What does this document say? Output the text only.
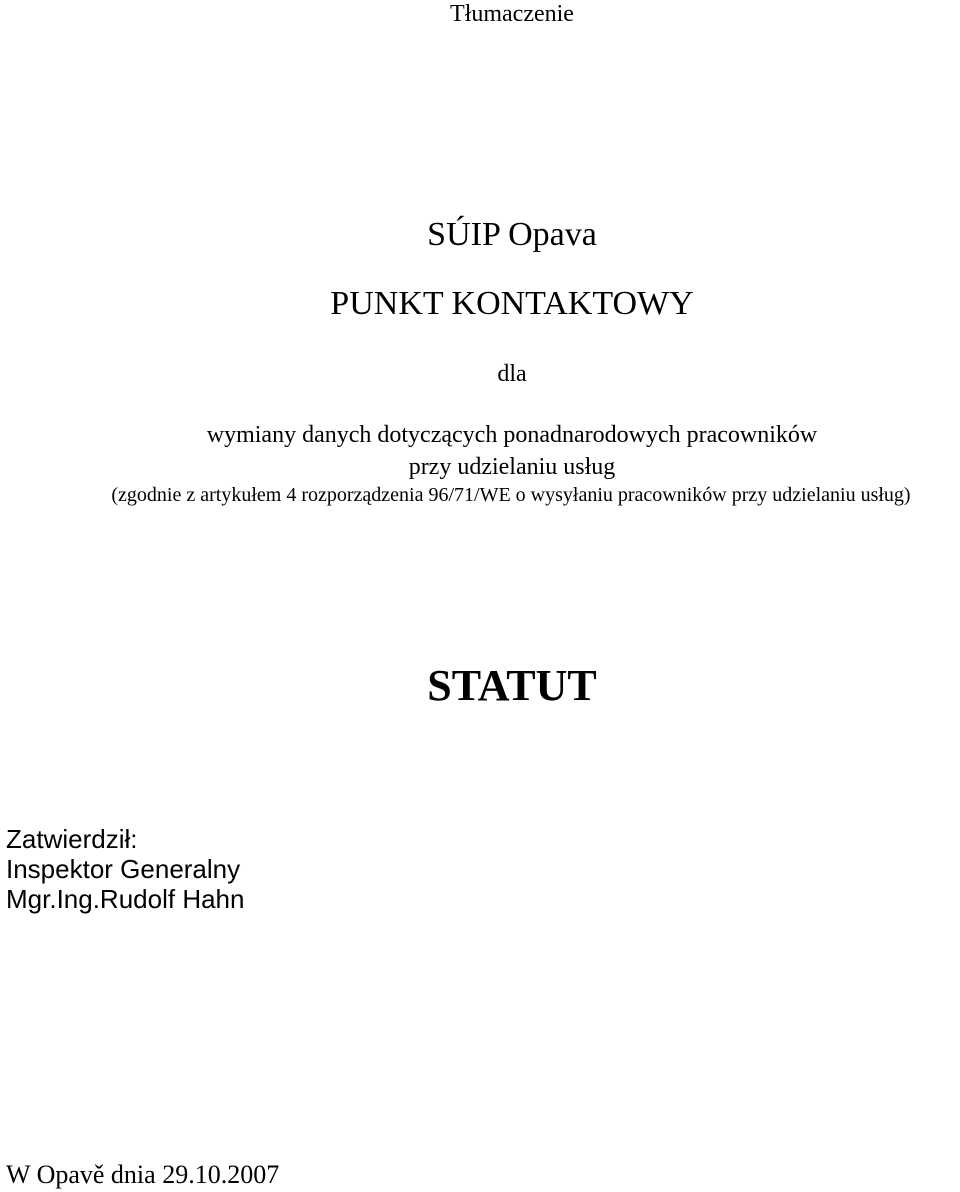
Tłumaczenie

SÚIP Opava

PUNKT KONTAKTOWY

dla

wymiany danych dotyczących ponadnarodowych pracowników

przy udzielaniu usług

(zgodnie z artykułem 4 rozporządzenia 96/71/WE o wysyłaniu pracowników przy udzielaniu usług)

STATUT

Zatwierdził:

Inspektor Generalny

Mgr.Ing.Rudolf Hahn

W Opavě dnia 29.10.2007
